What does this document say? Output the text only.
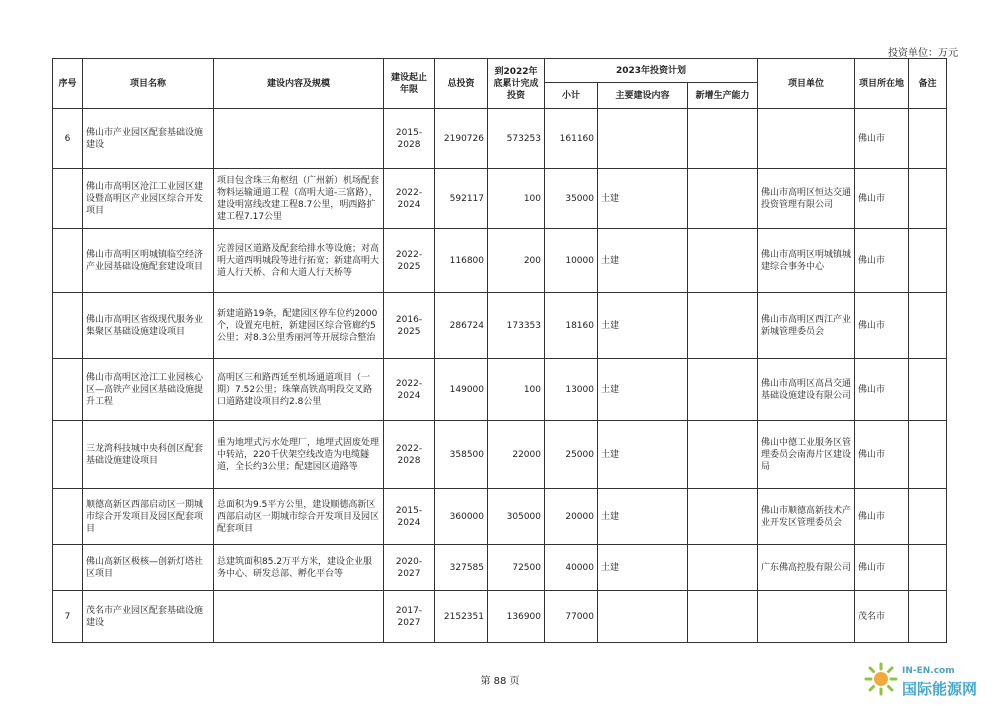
投资单位：万元
序号	项目名称	建设内容及规模	建设起止年限	总投资	到2022年底累计完成投资	2023年投资计划			项目单位	项目所在地	备注
						小计	主要建设内容	新增生产能力			
6	佛山市产业园区配套基础设施建设		2015-2028	2190726	573253	161160				佛山市	
	佛山市高明区沧江工业园区建设暨高明区产业园区综合开发项目	项目包含珠三角枢纽（广州新）机场配套物料运输通道工程（高明大道-三富路），建设明富线改建工程8.7公里，明西路扩建工程7.17公里	2022-2024	592117	100	35000	土建		佛山市高明区恒达交通投资管理有限公司	佛山市	
	佛山市高明区明城镇临空经济产业园基础设施配套建设项目	完善园区道路及配套给排水等设施；对高明大道西明城段等进行拓宽；新建高明大道人行天桥、合和大道人行天桥等	2022-2025	116800	200	10000	土建		佛山市高明区明城镇城建综合事务中心	佛山市	
	佛山市高明区省级现代服务业集聚区基础设施建设项目	新建道路19条，配建园区停车位约2000个，设置充电桩，新建园区综合管廊约5公里；对8.3公里秀丽河等开展综合整治	2016-2025	286724	173353	18160	土建		佛山市高明区西江产业新城管理委员会	佛山市	
	佛山市高明区沧江工业园核心区—高铁产业园区基础设施提升工程	高明区三和路西延至机场通道项目（一期）7.52公里；珠肇高铁高明段交叉路口道路建设项目约2.8公里	2022-2024	149000	100	13000	土建		佛山市高明区高昌交通基础设施建设有限公司	佛山市	
	三龙湾科技城中央科创区配套基础设施建设项目	重为地埋式污水处理厂，地埋式固废处理中转站，220千伏架空线改造为电缆隧道，全长约3公里；配建园区道路等	2022-2028	358500	22000	25000	土建		佛山中德工业服务区管理委员会南海片区建设局	佛山市	
	顺德高新区西部启动区一期城市综合开发项目及园区配套项目	总面积为9.5平方公里，建设顺德高新区西部启动区一期城市综合开发项目及园区配套项目	2015-2024	360000	305000	20000	土建		佛山市顺德高新技术产业开发区管理委员会	佛山市	
	佛山高新区极核—创新灯塔社区项目	总建筑面积85.2万平方米，建设企业服务中心、研发总部、孵化平台等	2020-2027	327585	72500	40000	土建		广东佛高控股有限公司	佛山市	
7	茂名市产业园区配套基础设施建设		2017-2027	2152351	136900	77000				茂名市	
第 88 页
IN-EN.com
国际能源网
